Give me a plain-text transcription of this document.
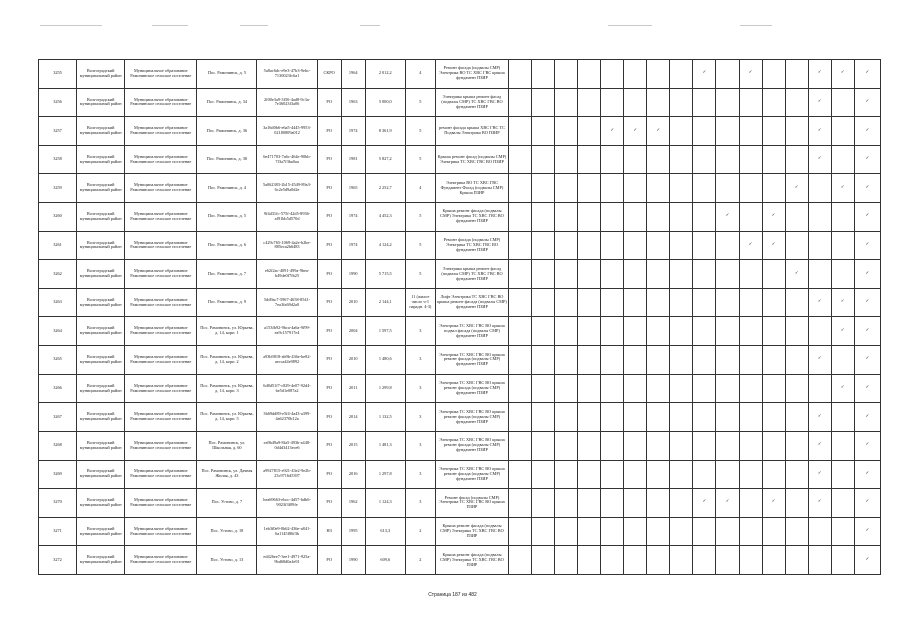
3255	Волгоградский муниципальный район	Муниципальное образование Рамонинское сельское поселение	Пос. Рамонинск, д. 5	5a8ac6dc-e9e3-47b3-9ebc-7130023fc6a1	СКРО	1964	2 012,2	4	Ремонт фасада (подвалы СМР) Электрика ВО ТС ХВС ГВС крыша фундамент ПЗИР									✓		✓			✓	✓	✓
3256	Волгоградский муниципальный район	Муниципальное образование Рамонинское сельское поселение	Пос. Рамонинск, д. 34	2f00e3a9-3f56-4ad8-9c3a-7e36023f3a06	РО	1963	5 000,0	5	Электрика крыша ремонт фасад (подвалы СМР) ТС ХВС ГВС ВО фундамент ПЗИР														✓		✓
3257	Волгоградский муниципальный район	Муниципальное образование Рамонинское сельское поселение	Пос. Рамонинск, д. 36	3a16d0b6-e6a5-4445-9953-02180809a012	РО	1974	8 361,9	5	ремонт фасада крыша ХВС ГВС ТС Подвалы Электрика ВО ПЗИР					✓	✓	✓							✓		✓
3258	Волгоградский муниципальный район	Муниципальное образование Рамонинское сельское поселение	Пос. Рамонинск, д. 38	6e471703-7a6c-464e-90bb-7f3a7f3ba0aa	РО	1981	5 827,2	5	Крыша ремонт фасад (подвалы СМР) Электрика ТС ХВС ГВС ВО ПЗИР														✓		✓
3259	Волгоградский муниципальный район	Муниципальное образование Рамонинское сельское поселение	Пос. Рамонинск, д. 4	5a062383-2b15-4549-89a3-6c2e5d9a0d2e	РО	1965	2 252,7	4	Электрика ВО ТС ХВС ГВС Фундамент Фасад (подвалы СМР) Крыша ПЗИР													✓		✓	✓
3260	Волгоградский муниципальный район	Муниципальное образование Рамонинское сельское поселение	Пос. Рамонинск, д. 5	9f4d31fc-575f-42d5-8936-af91bb5d570d	РО	1974	4 452,3	5	Крыша ремонт фасада (подвалы СМР) Электрика ТС ХВС ГВС ВО фундамент ПЗИР										✓		✓				✓
3261	Волгоградский муниципальный район	Муниципальное образование Рамонинское сельское поселение	Пос. Рамонинск, д. 6	c429c765-1069-4a2e-b2be-885eca2b6483	РО	1974	4 124,2	5	Ремонт фасада (подвалы СМР) Электрика ТС ХВС ГВС ВО фундамент ПЗИР											✓	✓				✓
3262	Волгоградский муниципальный район	Муниципальное образование Рамонинское сельское поселение	Пос. Рамонинск, д. 7	e62f2ac-4091-499a-9bea-b49de0f7fb25	РО	1990	5 715,5	5	Электрика крыша ремонт фасад (подвалы СМР) ТС ХВС ГВС ВО фундамент ПЗИР													✓			✓
3263	Волгоградский муниципальный район	Муниципальное образование Рамонинское сельское поселение	Пос. Рамонинск, д. 9	5dd9ac7-5967-4658-8541-7ea3fa69d2a0	РО	2010	2 144,1	11 (жилое число ч-1 парадн. 4-3)	Лифт Электрика ТС ХВС ГВС ВО крыша ремонт фасада (подвалы СМР) фундамент ПЗИР														✓	✓	✓
3264	Волгоградский муниципальный район	Муниципальное образование Рамонинское сельское поселение	Пос. Рамонинск, ул. Юрьева, д. 14, корп. 1	a153fb92-9bca-4a6a-9f99-ea9c157917e4	РО	2004	1 597,5	3	Электрика ТС ХВС ГВС ВО крыша подвал фасада (подвалы СМР) фундамент ПЗИР															✓	✓
3265	Волгоградский муниципальный район	Муниципальное образование Рамонинское сельское поселение	Пос. Рамонинск, ул. Юрьева, д. 14, корп. 2	a93b9818-ab9b-436e-be82-aecca44e9892	РО	2010	1 480,6	3	Электрика ТС ХВС ГВС ВО крыша ремонт фасада (подвалы СМР) фундамент ПЗИР														✓		✓
3266	Волгоградский муниципальный район	Муниципальное образование Рамонинское сельское поселение	Пос. Рамонинск, ул. Юрьева, д. 14, корп. 3	6d8d51f7-c829-4e07-92d4-be5d1e087a2	РО	2011	1 299,8	3	Электрика ТС ХВС ГВС ВО крыша ремонт фасада (подвалы СМР) фундамент ПЗИР															✓	✓
3267	Волгоградский муниципальный район	Муниципальное образование Рамонинское сельское поселение	Пос. Рамонинск, ул. Юрьева, д. 14, корп. 5	3b69dd89-e5f4-4a43-a399-4a62370b12a	РО	2014	1 132,5	3	Электрика ТС ХВС ГВС ВО крыша ремонт фасада (подвалы СМР) фундамент ПЗИР														✓		✓
3268	Волгоградский муниципальный район	Муниципальное образование Рамонинское сельское поселение	Пос. Рамонинск, ул. Школьная, д. 60	ea9b49a9-8fa5-493b-a448-0d4d3413ece6	РО	2015	1 481,3	3	Электрика ТС ХВС ГВС ВО крыша ремонт фасада (подвалы СМР) фундамент ПЗИР														✓		✓
3269	Волгоградский муниципальный район	Муниципальное образование Рамонинское сельское поселение	Пос. Рамонинск, ул. Дачная Жилая, д. 43	a9927815-e921-43e2-9e2b-23c9716d5397	РО	2016	1 297,8	3	Электрика ТС ХВС ГВС ВО крыша ремонт фасада (подвалы СМР) фундамент ПЗИР														✓		✓
3270	Волгоградский муниципальный район	Муниципальное образование Рамонинское сельское поселение	Пос. Устово, д. 7	bea69663-ebcc-4d57-bdb6-9023f3f09fe	РО	1962	1 124,3	3	Ремонт фасад (подвалы СМР) Электрика ТС ХВС ГВС ВО крыша ПЗИР									✓	✓		✓		✓		✓
3271	Волгоградский муниципальный район	Муниципальное образование Рамонинское сельское поселение	Пос. Устово, д. 18	1eb3f0e9-0b62-436e-a841-6a1145f86f3b	НЗ	1995	613,3	2	Крыша ремонт фасада (подвалы СМР) Электрика ТС ХВС ГВС ВО ПЗИР																✓
3272	Волгоградский муниципальный район	Муниципальное образование Рамонинское сельское поселение	Пос. Устово, д. 13	ed426ee7-3ee1-4971-925a-9bd68d0a4e91	РО	1990	609,6	2	Крыша ремонт фасада (подвалы СМР) Электрика ТС ХВС ГВС ВО ПЗИР																✓
Страница 187 из 482
